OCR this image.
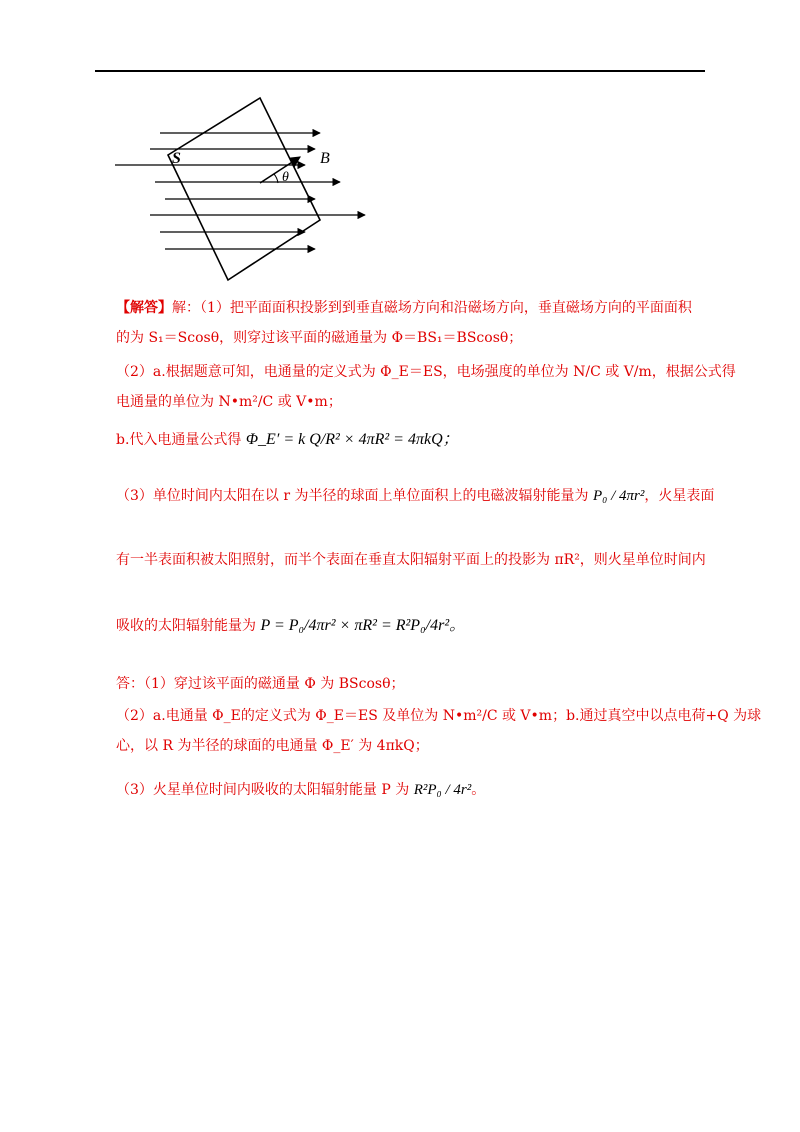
S	B
θ
【解答】解：（1）把平面面积投影到到垂直磁场方向和沿磁场方向，垂直磁场方向的平面面积
的为 S₁＝Scosθ，则穿过该平面的磁通量为 Φ＝BS₁＝BScosθ；
（2）a.根据题意可知，电通量的定义式为 Φ_E＝ES，电场强度的单位为 N/C 或 V/m，根据公式得
电通量的单位为 N•m²/C 或 V•m；
b.代入电通量公式得 Φ_E′ = k Q/R² × 4πR² = 4πkQ；
（3）单位时间内太阳在以 r 为半径的球面上单位面积上的电磁波辐射能量为 P₀ / 4πr²，火星表面
有一半表面积被太阳照射，而半个表面在垂直太阳辐射平面上的投影为 πR²，则火星单位时间内
吸收的太阳辐射能量为 P = P₀/4πr² × πR² = R²P₀/4r²。
答：（1）穿过该平面的磁通量 Φ 为 BScosθ；
（2）a.电通量 Φ_E的定义式为 Φ_E＝ES 及单位为 N•m²/C 或 V•m；b.通过真空中以点电荷+Q 为球
心，以 R 为半径的球面的电通量 Φ_E′ 为 4πkQ；
（3）火星单位时间内吸收的太阳辐射能量 P 为 R²P₀ / 4r²。
